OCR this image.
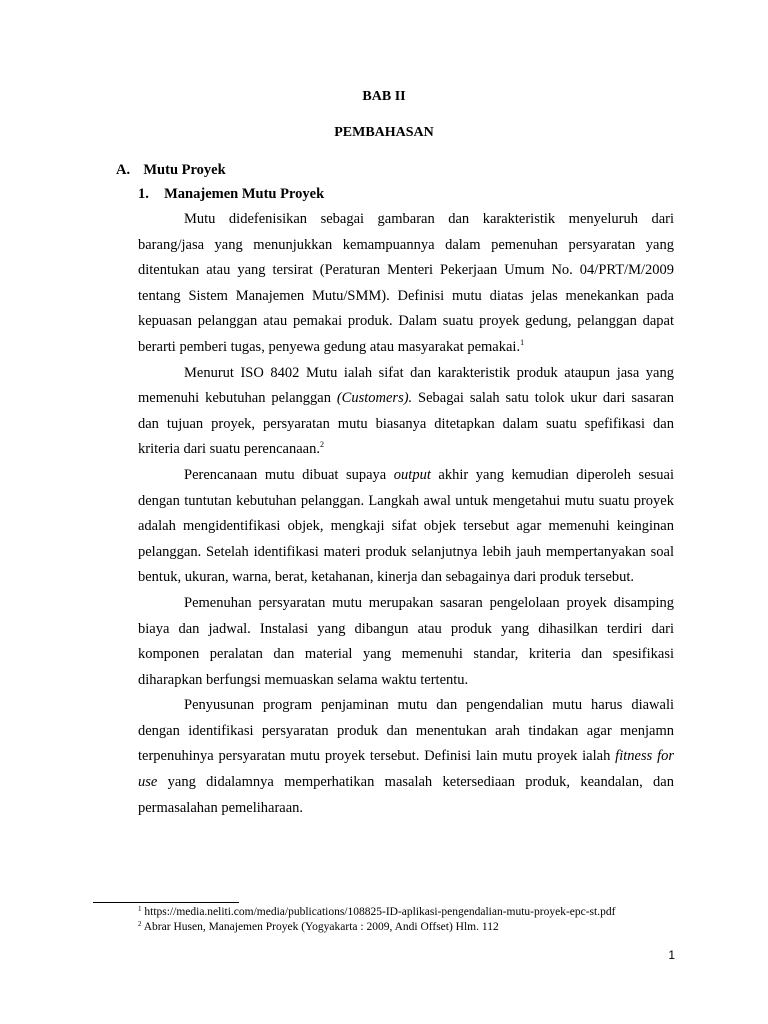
BAB II
PEMBAHASAN
A. Mutu Proyek
1. Manajemen Mutu Proyek

Mutu didefenisikan sebagai gambaran dan karakteristik menyeluruh dari barang/jasa yang menunjukkan kemampuannya dalam pemenuhan persyaratan yang ditentukan atau yang tersirat (Peraturan Menteri Pekerjaan Umum No. 04/PRT/M/2009 tentang Sistem Manajemen Mutu/SMM). Definisi mutu diatas jelas menekankan pada kepuasan pelanggan atau pemakai produk. Dalam suatu proyek gedung, pelanggan dapat berarti pemberi tugas, penyewa gedung atau masyarakat pemakai.$^1$

Menurut ISO 8402 Mutu ialah sifat dan karakteristik produk ataupun jasa yang memenuhi kebutuhan pelanggan (Customers). Sebagai salah satu tolok ukur dari sasaran dan tujuan proyek, persyaratan mutu biasanya ditetapkan dalam suatu spefifikasi dan kriteria dari suatu perencanaan.$^2$

Perencanaan mutu dibuat supaya output akhir yang kemudian diperoleh sesuai dengan tuntutan kebutuhan pelanggan. Langkah awal untuk mengetahui mutu suatu proyek adalah mengidentifikasi objek, mengkaji sifat objek tersebut agar memenuhi keinginan pelanggan. Setelah identifikasi materi produk selanjutnya lebih jauh mempertanyakan soal bentuk, ukuran, warna, berat, ketahanan, kinerja dan sebagainya dari produk tersebut.

Pemenuhan persyaratan mutu merupakan sasaran pengelolaan proyek disamping biaya dan jadwal. Instalasi yang dibangun atau produk yang dihasilkan terdiri dari komponen peralatan dan material yang memenuhi standar, kriteria dan spesifikasi diharapkan berfungsi memuaskan selama waktu tertentu.

Penyusunan program penjaminan mutu dan pengendalian mutu harus diawali dengan identifikasi persyaratan produk dan menentukan arah tindakan agar menjamn terpenuhinya persyaratan mutu proyek tersebut. Definisi lain mutu proyek ialah fitness for use yang didalamnya memperhatikan masalah ketersediaan produk, keandalan, dan permasalahan pemeliharaan.

$^1$ https://media.neliti.com/media/publications/108825-ID-aplikasi-pengendalian-mutu-proyek-epc-st.pdf
$^2$ Abrar Husen, Manajemen Proyek (Yogyakarta : 2009, Andi Offset) Hlm. 112
1
